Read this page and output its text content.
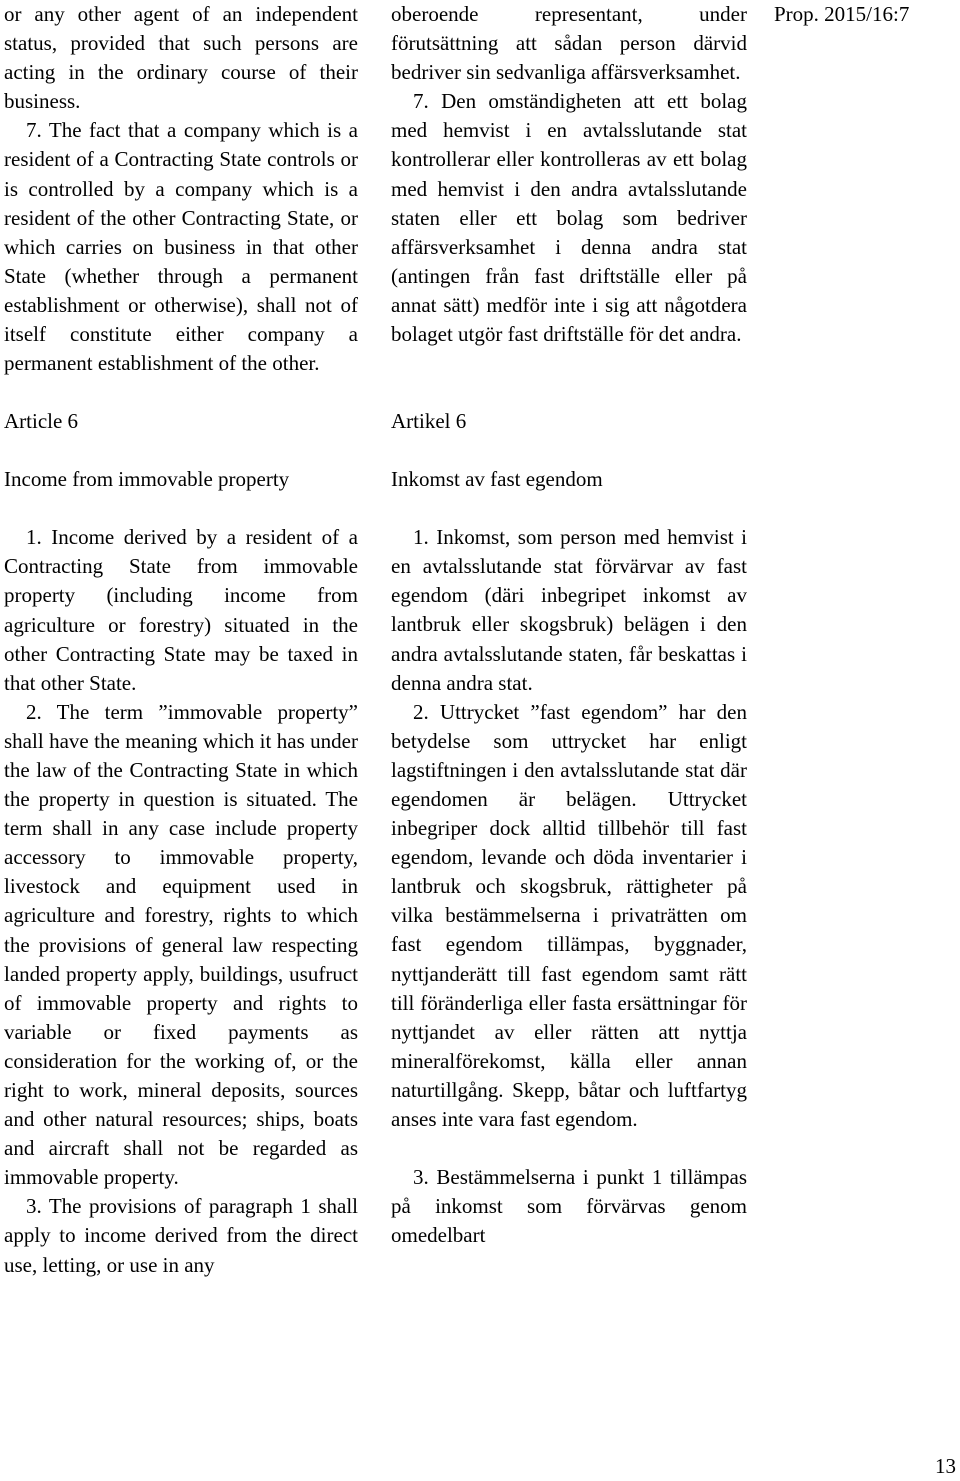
or any other agent of an independent status, provided that such persons are acting in the ordinary course of their business.

7. The fact that a company which is a resident of a Contracting State controls or is controlled by a company which is a resident of the other Contracting State, or which carries on business in that other State (whether through a permanent establishment or otherwise), shall not of itself constitute either company a permanent establishment of the other.

Article 6

Income from immovable property

1. Income derived by a resident of a Contracting State from immovable property (including income from agriculture or forestry) situated in the other Contracting State may be taxed in that other State.

2. The term ”immovable property” shall have the meaning which it has under the law of the Contracting State in which the property in question is situated. The term shall in any case include property accessory to immovable property, livestock and equipment used in agriculture and forestry, rights to which the provisions of general law respecting landed property apply, buildings, usufruct of immovable property and rights to variable or fixed payments as consideration for the working of, or the right to work, mineral deposits, sources and other natural resources; ships, boats and aircraft shall not be regarded as immovable property.

3. The provisions of paragraph 1 shall apply to income derived from the direct use, letting, or use in any

oberoende representant, under förutsättning att sådan person därvid bedriver sin sedvanliga affärsverksamhet.

7. Den omständigheten att ett bolag med hemvist i en avtalsslutande stat kontrollerar eller kontrolleras av ett bolag med hemvist i den andra avtalsslutande staten eller ett bolag som bedriver affärsverksamhet i denna andra stat (antingen från fast driftställe eller på annat sätt) medför inte i sig att någotdera bolaget utgör fast driftställe för det andra.

Artikel 6

Inkomst av fast egendom

1. Inkomst, som person med hemvist i en avtalsslutande stat förvärvar av fast egendom (däri inbegripet inkomst av lantbruk eller skogsbruk) belägen i den andra avtalsslutande staten, får beskattas i denna andra stat.

2. Uttrycket ”fast egendom” har den betydelse som uttrycket har enligt lagstiftningen i den avtalsslutande stat där egendomen är belägen. Uttrycket inbegriper dock alltid tillbehör till fast egendom, levande och döda inventarier i lantbruk och skogsbruk, rättigheter på vilka bestämmelserna i privaträtten om fast egendom tillämpas, byggnader, nyttjanderätt till fast egendom samt rätt till föränderliga eller fasta ersättningar för nyttjandet av eller rätten att nyttja mineralförekomst, källa eller annan naturtillgång. Skepp, båtar och luftfartyg anses inte vara fast egendom.

3. Bestämmelserna i punkt 1 tillämpas på inkomst som förvärvas genom omedelbart

Prop. 2015/16:7
13
